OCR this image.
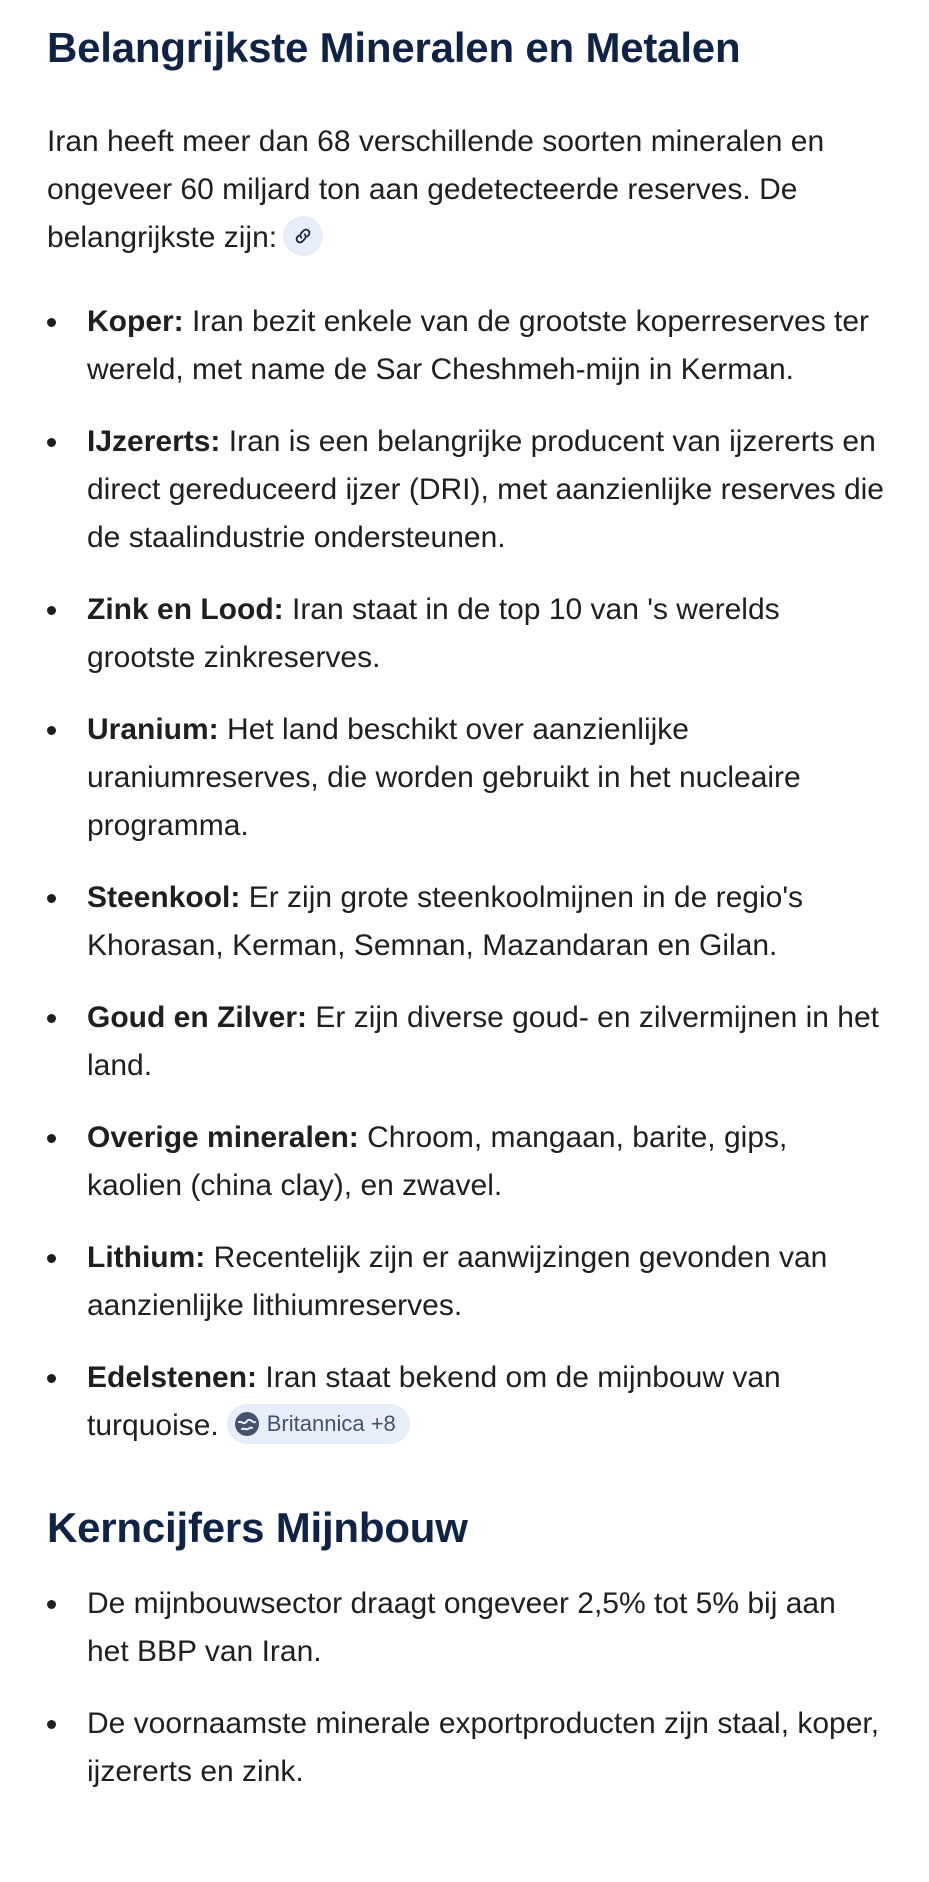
Belangrijkste Mineralen en Metalen

Iran heeft meer dan 68 verschillende soorten mineralen en ongeveer 60 miljard ton aan gedetecteerde reserves. De belangrijkste zijn:

Koper: Iran bezit enkele van de grootste koperreserves ter wereld, met name de Sar Cheshmeh-mijn in Kerman.
IJzererts: Iran is een belangrijke producent van ijzererts en direct gereduceerd ijzer (DRI), met aanzienlijke reserves die de staalindustrie ondersteunen.
Zink en Lood: Iran staat in de top 10 van 's werelds grootste zinkreserves.
Uranium: Het land beschikt over aanzienlijke uraniumreserves, die worden gebruikt in het nucleaire programma.
Steenkool: Er zijn grote steenkoolmijnen in de regio's Khorasan, Kerman, Semnan, Mazandaran en Gilan.
Goud en Zilver: Er zijn diverse goud- en zilvermijnen in het land.
Overige mineralen: Chroom, mangaan, barite, gips, kaolien (china clay), en zwavel.
Lithium: Recentelijk zijn er aanwijzingen gevonden van aanzienlijke lithiumreserves.
Edelstenen: Iran staat bekend om de mijnbouw van turquoise. Britannica +8
Kerncijfers Mijnbouw
De mijnbouwsector draagt ongeveer 2,5% tot 5% bij aan het BBP van Iran.
De voornaamste minerale exportproducten zijn staal, koper, ijzererts en zink.
